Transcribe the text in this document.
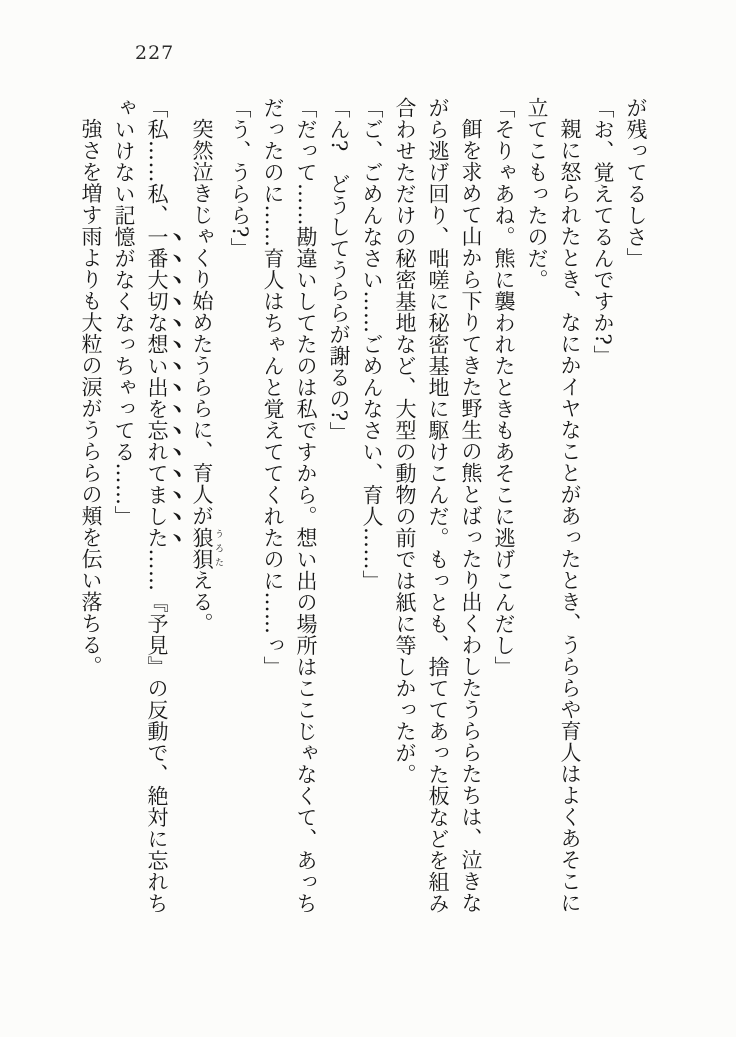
227

が残ってるしさ」

「お、覚えてるんですか?」

親に怒られたとき、なにかイヤなことがあったとき、うららや育人はよくあそこに

立てこもったのだ。

「そりゃあね。熊に襲われたときもあそこに逃げこんだし」

餌を求めて山から下りてきた野生の熊とばったり出くわしたうららたちは、泣きな

がら逃げ回り、咄嗟に秘密基地に駆けこんだ。もっとも、捨ててあった板などを組み

合わせただけの秘密基地など、大型の動物の前では紙に等しかったが。

「ご、ごめんなさい……ごめんなさい、育人……」

「ん?　どうしてうららが謝るの?」

「だって……勘違いしてたのは私ですから。想い出の場所はここじゃなくて、あっち

だったのに……育人はちゃんと覚えててくれたのに……っ」

「う、うらら?」

突然泣きじゃくり始めたうららに、育人が狼狽 うろたえる。

「私……私、一番大切な想い出を忘れてました……『予見』の反動で、絶対に忘れち

ゃいけない記憶がなくなっちゃってる……」

強さを増す雨よりも大粒の涙がうららの頬を伝い落ちる。
